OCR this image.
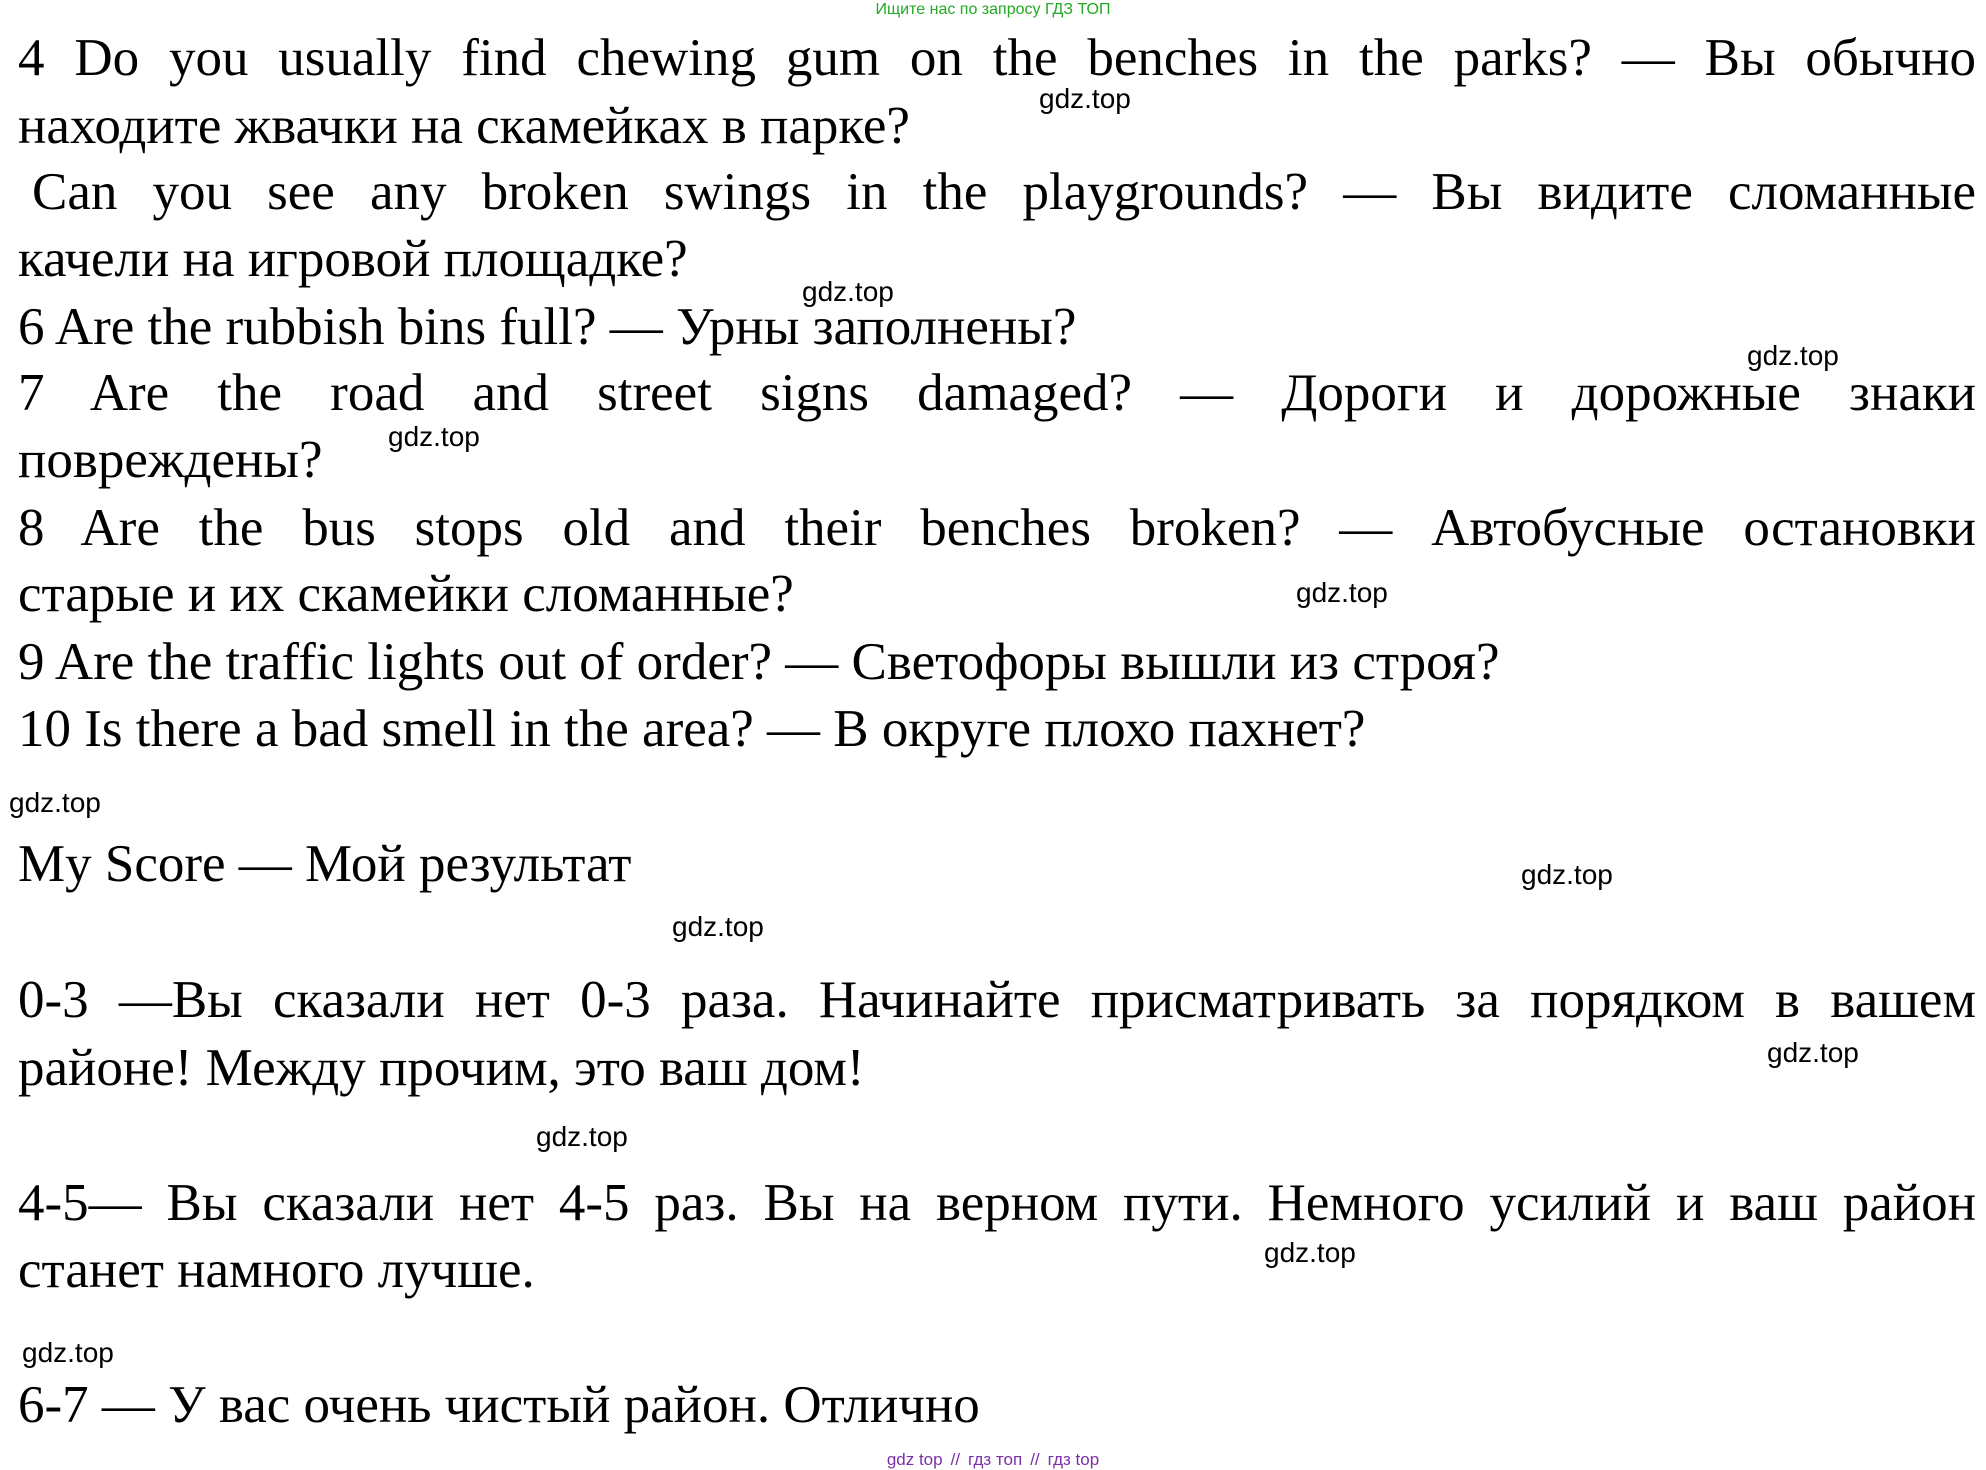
Ищите нас по запросу ГДЗ ТОП
4 Do you usually find chewing gum on the benches in the parks? — Вы обычно
находите жвачки на скамейках в парке?
Can you see any broken swings in the playgrounds? — Вы видите сломанные
качели на игровой площадке?
6 Are the rubbish bins full? — Урны заполнены?
7 Are the road and street signs damaged? — Дороги и дорожные знаки
повреждены?
8 Are the bus stops old and their benches broken? — Автобусные остановки
старые и их скамейки сломанные?
9 Are the traffic lights out of order? — Светофоры вышли из строя?
10 Is there a bad smell in the area? — В округе плохо пахнет?
My Score — Мой результат
0-3 —Вы сказали нет 0-3 раза. Начинайте присматривать за порядком в вашем
районе! Между прочим, это ваш дом!
4-5— Вы сказали нет 4-5 раз. Вы на верном пути. Немного усилий и ваш район
станет намного лучше.
6-7 — У вас очень чистый район. Отлично
gdz.top
gdz.top
gdz.top
gdz.top
gdz.top
gdz.top
gdz.top
gdz.top
gdz.top
gdz.top
gdz.top
gdz.top
gdz top // гдз топ // гдз top
